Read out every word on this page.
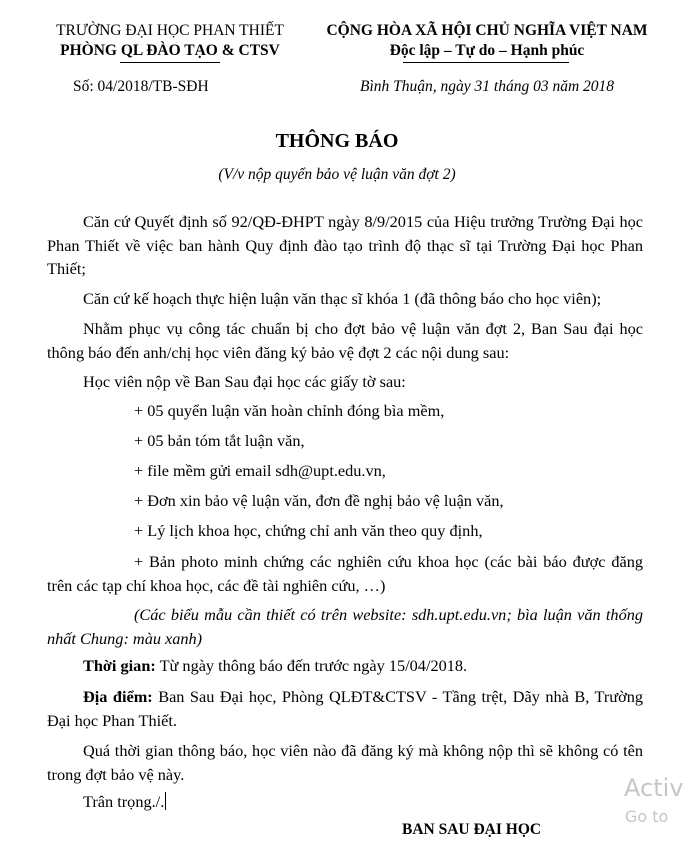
TRƯỜNG ĐẠI HỌC PHAN THIẾT
PHÒNG QL ĐÀO TẠO & CTSV
CỘNG HÒA XÃ HỘI CHỦ NGHĨA VIỆT NAM
Độc lập – Tự do – Hạnh phúc
Số: 04/2018/TB-SĐH	Bình Thuận, ngày 31 tháng 03 năm 2018
THÔNG BÁO
(V/v nộp quyển bảo vệ luận văn đợt 2)
Căn cứ Quyết định số 92/QĐ-ĐHPT ngày 8/9/2015 của Hiệu trưởng Trường Đại học Phan Thiết về việc ban hành Quy định đào tạo trình độ thạc sĩ tại Trường Đại học Phan Thiết;
Căn cứ kế hoạch thực hiện luận văn thạc sĩ khóa 1 (đã thông báo cho học viên);
Nhằm phục vụ công tác chuẩn bị cho đợt bảo vệ luận văn đợt 2, Ban Sau đại học thông báo đến anh/chị học viên đăng ký bảo vệ đợt 2 các nội dung sau:
Học viên nộp về Ban Sau đại học các giấy tờ sau:
+ 05 quyển luận văn hoàn chỉnh đóng bìa mềm,
+ 05 bản tóm tắt luận văn,
+ file mềm gửi email sdh@upt.edu.vn,
+ Đơn xin bảo vệ luận văn, đơn đề nghị bảo vệ luận văn,
+ Lý lịch khoa học, chứng chỉ anh văn theo quy định,
+ Bản photo minh chứng các nghiên cứu khoa học (các bài báo được đăng trên các tạp chí khoa học, các đề tài nghiên cứu, …)
(Các biểu mẫu cần thiết có trên website: sdh.upt.edu.vn; bìa luận văn thống nhất Chung: màu xanh)
Thời gian: Từ ngày thông báo đến trước ngày 15/04/2018.
Địa điểm: Ban Sau Đại học, Phòng QLĐT&CTSV - Tầng trệt, Dãy nhà B, Trường Đại học Phan Thiết.
Quá thời gian thông báo, học viên nào đã đăng ký mà không nộp thì sẽ không có tên trong đợt bảo vệ này.
Trân trọng./.
BAN SAU ĐẠI HỌC
Activ
Go to
